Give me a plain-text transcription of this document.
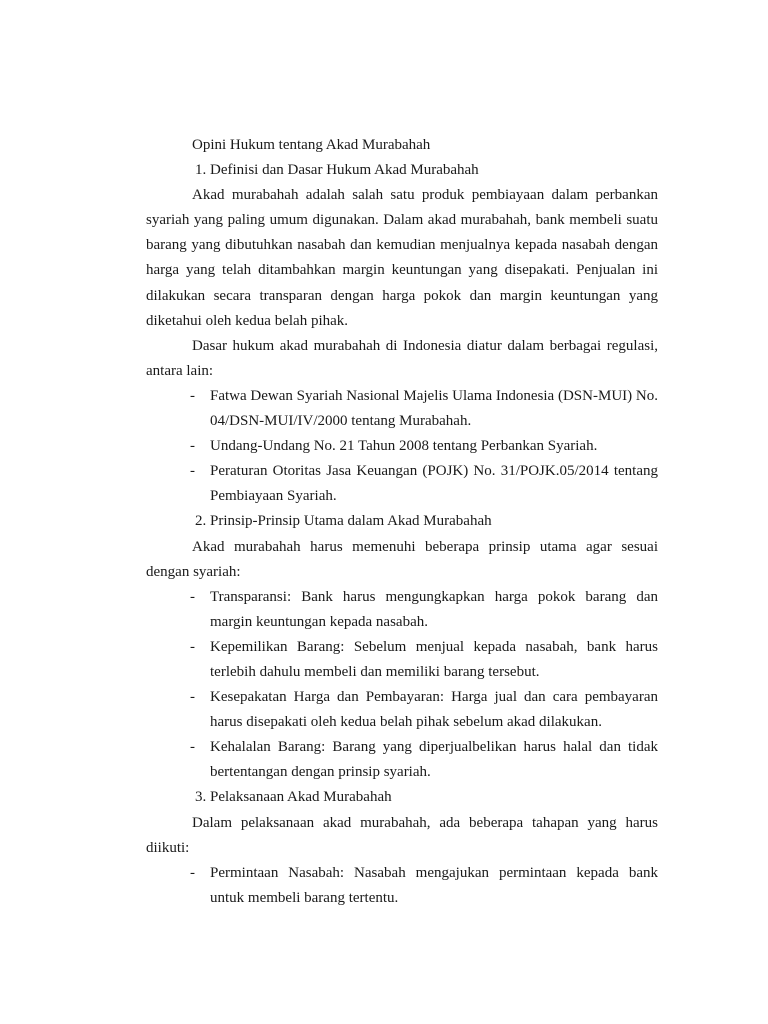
Opini Hukum tentang Akad Murabahah
1. Definisi dan Dasar Hukum Akad Murabahah

Akad murabahah adalah salah satu produk pembiayaan dalam perbankan syariah yang paling umum digunakan. Dalam akad murabahah, bank membeli suatu barang yang dibutuhkan nasabah dan kemudian menjualnya kepada nasabah dengan harga yang telah ditambahkan margin keuntungan yang disepakati. Penjualan ini dilakukan secara transparan dengan harga pokok dan margin keuntungan yang diketahui oleh kedua belah pihak.

Dasar hukum akad murabahah di Indonesia diatur dalam berbagai regulasi, antara lain:

- Fatwa Dewan Syariah Nasional Majelis Ulama Indonesia (DSN-MUI) No. 04/DSN-MUI/IV/2000 tentang Murabahah.
- Undang-Undang No. 21 Tahun 2008 tentang Perbankan Syariah.
- Peraturan Otoritas Jasa Keuangan (POJK) No. 31/POJK.05/2014 tentang Pembiayaan Syariah.
2. Prinsip-Prinsip Utama dalam Akad Murabahah

Akad murabahah harus memenuhi beberapa prinsip utama agar sesuai dengan syariah:

- Transparansi: Bank harus mengungkapkan harga pokok barang dan margin keuntungan kepada nasabah.
- Kepemilikan Barang: Sebelum menjual kepada nasabah, bank harus terlebih dahulu membeli dan memiliki barang tersebut.
- Kesepakatan Harga dan Pembayaran: Harga jual dan cara pembayaran harus disepakati oleh kedua belah pihak sebelum akad dilakukan.
- Kehalalan Barang: Barang yang diperjualbelikan harus halal dan tidak bertentangan dengan prinsip syariah.
3. Pelaksanaan Akad Murabahah

Dalam pelaksanaan akad murabahah, ada beberapa tahapan yang harus diikuti:

- Permintaan Nasabah: Nasabah mengajukan permintaan kepada bank untuk membeli barang tertentu.
